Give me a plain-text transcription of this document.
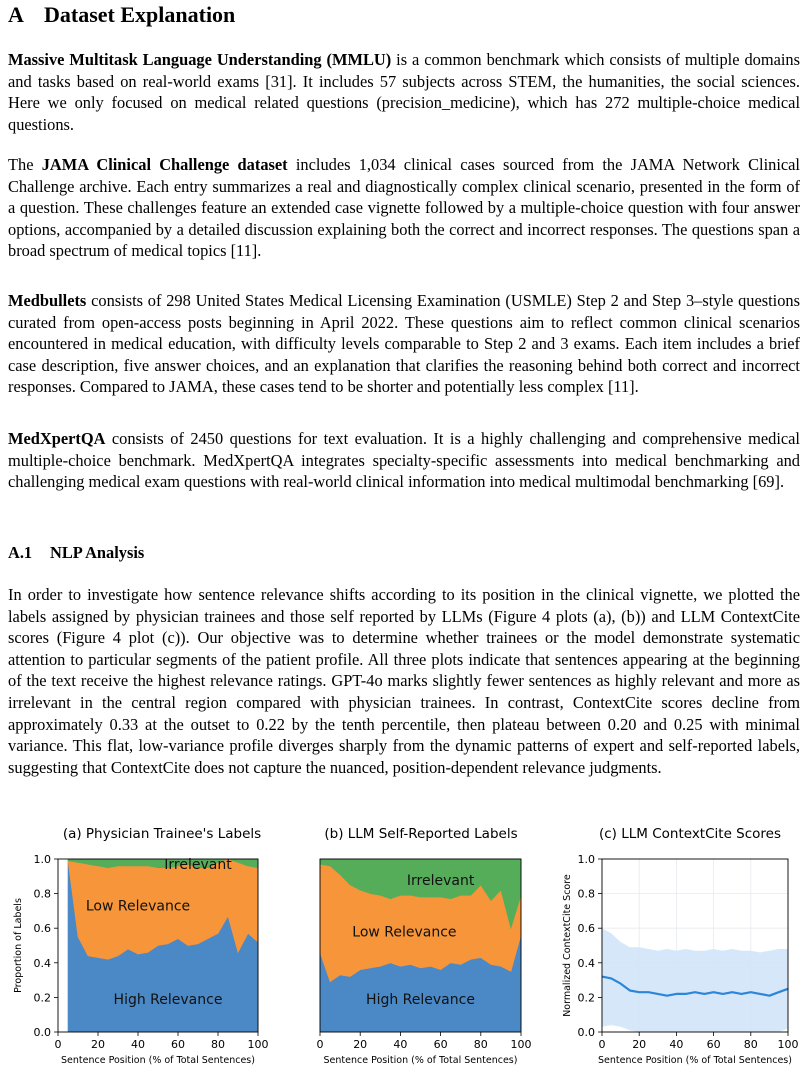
A Dataset Explanation

Massive Multitask Language Understanding (MMLU) is a common benchmark which consists of multiple domains and tasks based on real-world exams [31]. It includes 57 subjects across STEM, the humanities, the social sciences. Here we only focused on medical related questions (precision_medicine), which has 272 multiple-choice medical questions.

The JAMA Clinical Challenge dataset includes 1,034 clinical cases sourced from the JAMA Network Clinical Challenge archive. Each entry summarizes a real and diagnostically complex clinical scenario, presented in the form of a question. These challenges feature an extended case vignette followed by a multiple-choice question with four answer options, accompanied by a detailed discussion explaining both the correct and incorrect responses. The questions span a broad spectrum of medical topics [11].

Medbullets consists of 298 United States Medical Licensing Examination (USMLE) Step 2 and Step 3–style questions curated from open-access posts beginning in April 2022. These questions aim to reflect common clinical scenarios encountered in medical education, with difficulty levels comparable to Step 2 and 3 exams. Each item includes a brief case description, five answer choices, and an explanation that clarifies the reasoning behind both correct and incorrect responses. Compared to JAMA, these cases tend to be shorter and potentially less complex [11].

MedXpertQA consists of 2450 questions for text evaluation. It is a highly challenging and comprehensive medical multiple-choice benchmark. MedXpertQA integrates specialty-specific assessments into medical benchmarking and challenging medical exam questions with real-world clinical information into medical multimodal benchmarking [69].

A.1 NLP Analysis

In order to investigate how sentence relevance shifts according to its position in the clinical vignette, we plotted the labels assigned by physician trainees and those self reported by LLMs (Figure 4 plots (a), (b)) and LLM ContextCite scores (Figure 4 plot (c)). Our objective was to determine whether trainees or the model demonstrate systematic attention to particular segments of the patient profile. All three plots indicate that sentences appearing at the beginning of the text receive the highest relevance ratings. GPT-4o marks slightly fewer sentences as highly relevant and more as irrelevant in the central region compared with physician trainees. In contrast, ContextCite scores decline from approximately 0.33 at the outset to 0.22 by the tenth percentile, then plateau between 0.20 and 0.25 with minimal variance. This flat, low-variance profile diverges sharply from the dynamic patterns of expert and self-reported labels, suggesting that ContextCite does not capture the nuanced, position-dependent relevance judgments.

(a) Physician Trainee's Labels
High Relevance
Low Relevance
Irrelevant
0	20 40 60 80 100
0.0
0.2
0.4
0.6
0.8
1.0
Sentence Position (% of Total Sentences)
Proportion of Labels
(b) LLM Self-Reported Labels
High Relevance
Low Relevance
Irrelevant
0	20 40 60 80 100
Sentence Position (% of Total Sentences)
(c) LLM ContextCite Scores
0 20 40 60 80 100
0.0
0.2
0.4
0.6
0.8
1.0
Sentence Position (% of Total Sentences)
Normalized ContextCite Score
